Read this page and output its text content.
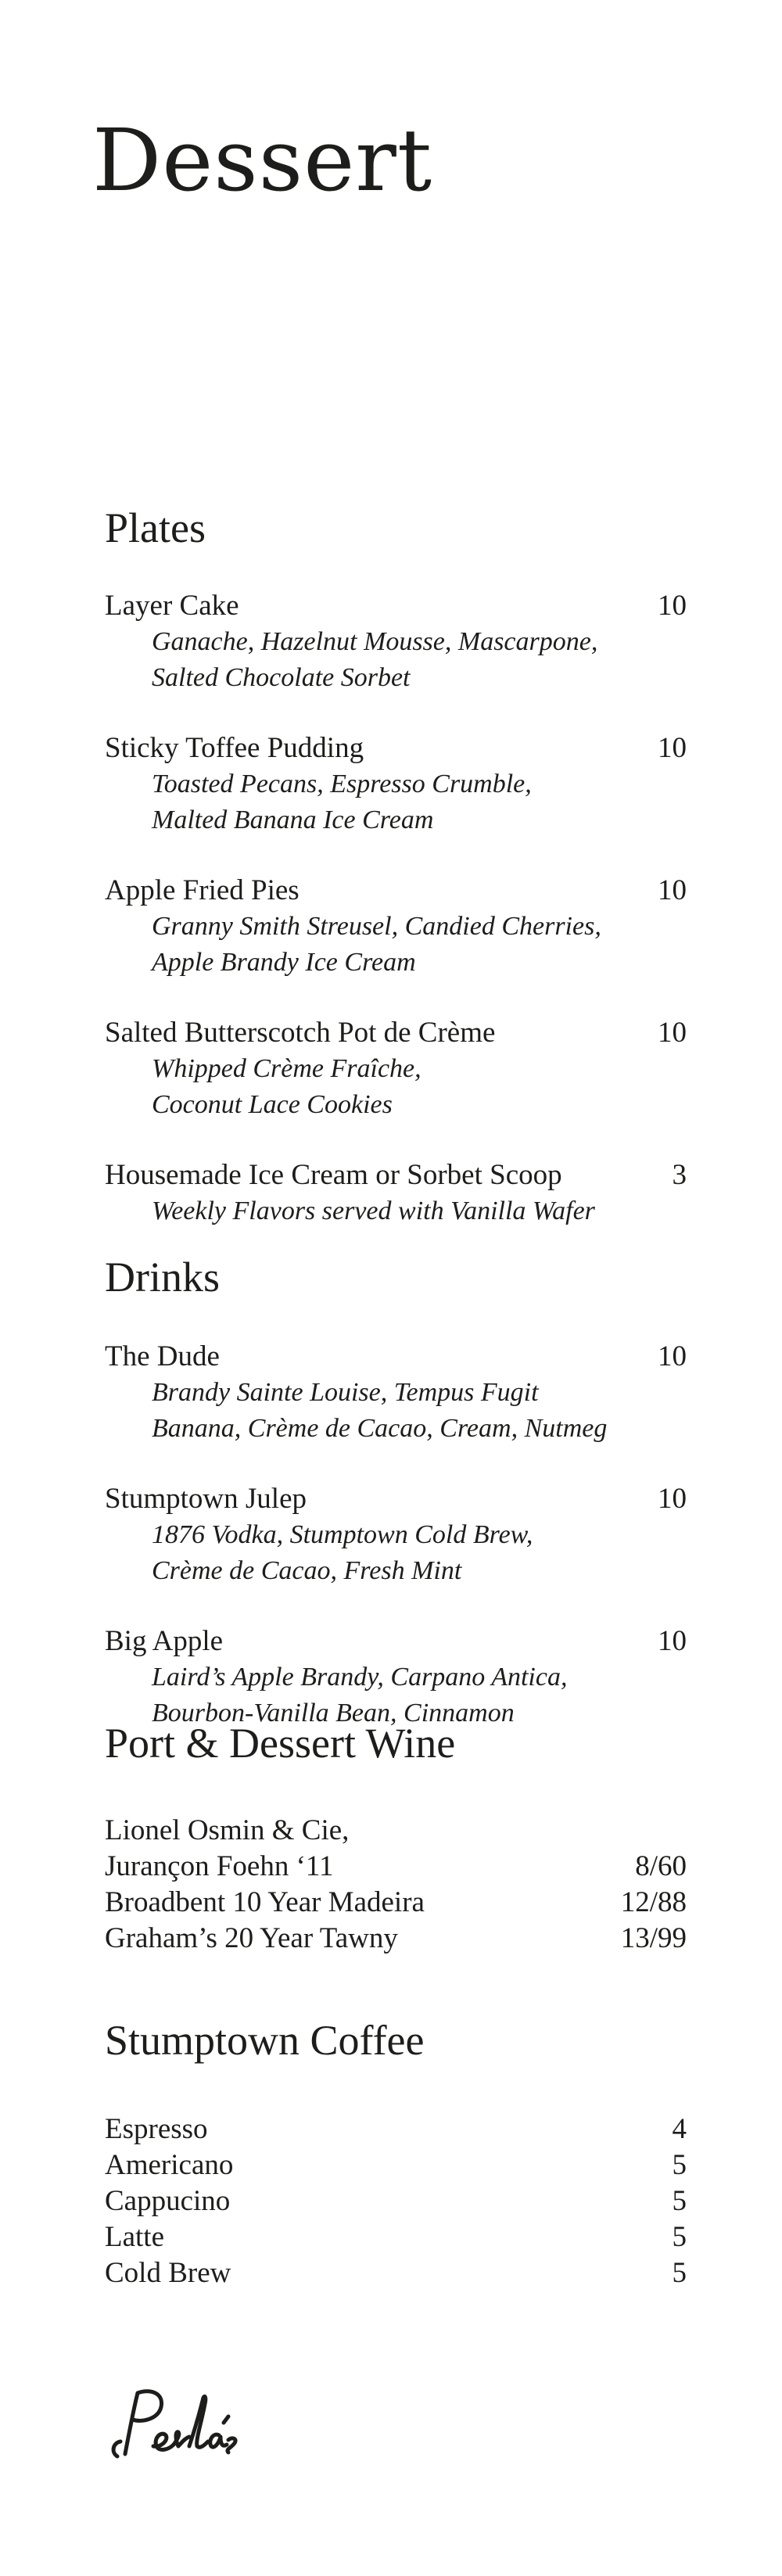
Dessert
Plates
Layer Cake	10
Ganache, Hazelnut Mousse, Mascarpone,
Salted Chocolate Sorbet
Sticky Toffee Pudding	10
Toasted Pecans, Espresso Crumble,
Malted Banana Ice Cream
Apple Fried Pies	10
Granny Smith Streusel, Candied Cherries,
Apple Brandy Ice Cream
Salted Butterscotch Pot de Crème	10
Whipped Crème Fraîche,
Coconut Lace Cookies
Housemade Ice Cream or Sorbet Scoop	3
Weekly Flavors served with Vanilla Wafer
Drinks
The Dude	10
Brandy Sainte Louise, Tempus Fugit
Banana, Crème de Cacao, Cream, Nutmeg
Stumptown Julep	10
1876 Vodka, Stumptown Cold Brew,
Crème de Cacao, Fresh Mint
Big Apple	10
Laird’s Apple Brandy, Carpano Antica,
Bourbon-Vanilla Bean, Cinnamon
Port & Dessert Wine
Lionel Osmin & Cie,
Jurançon Foehn ‘11	8/60
Broadbent 10 Year Madeira	12/88
Graham’s 20 Year Tawny	13/99
Stumptown Coffee
Espresso	4
Americano	5
Cappucino	5
Latte	5
Cold Brew	5
